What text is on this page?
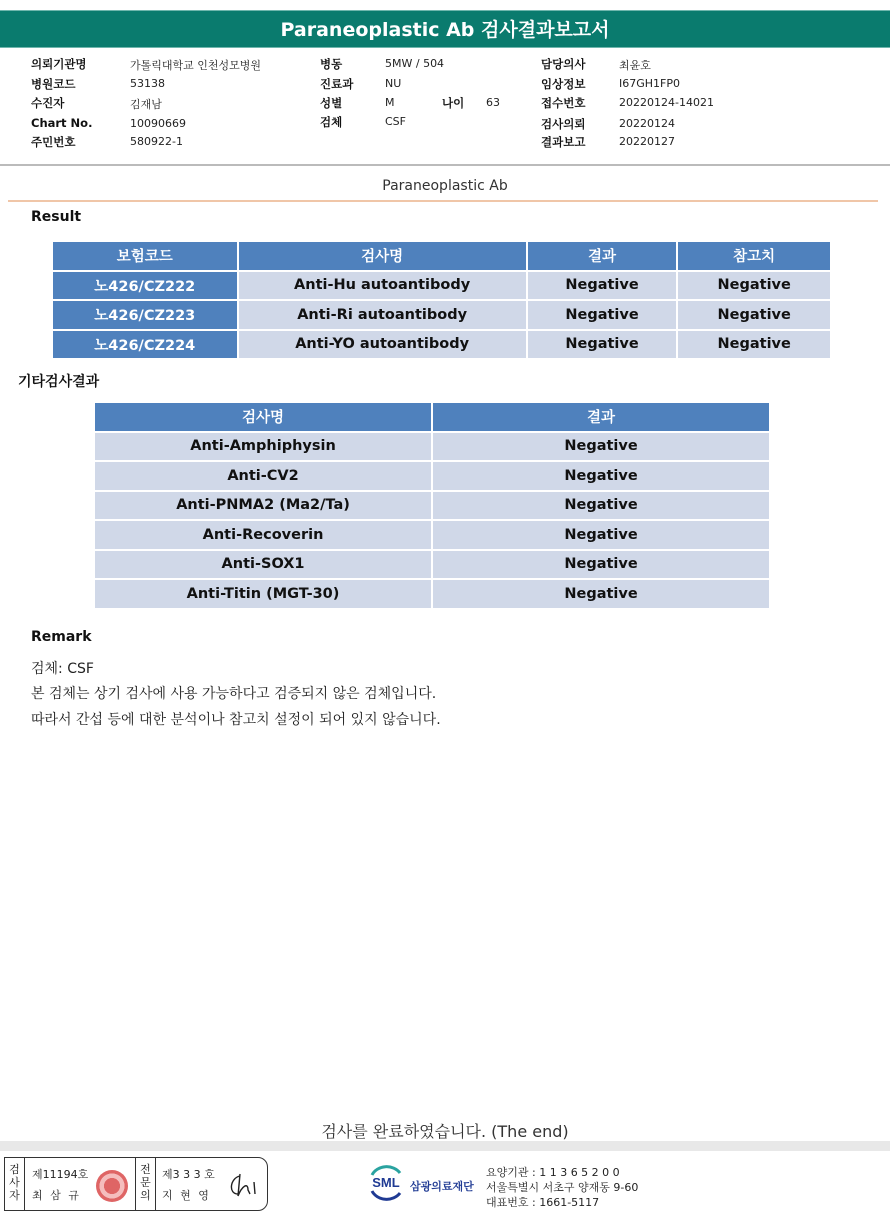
Paraneoplastic Ab 검사결과보고서
의뢰기관명	가톨릭대학교 인천성모병원
병원코드	53138
수진자	김재남
Chart No.	10090669
주민번호	580922-1
병동	5MW / 504
진료과	NU
성별	M	나이 63
검체	CSF
담당의사	최윤호
임상정보	I67GH1FP0
접수번호	20220124-14021
검사의뢰	20220124
결과보고	20220127
Paraneoplastic Ab
Result
보험코드	검사명	결과	참고치
노426/CZ222	Anti-Hu autoantibody	Negative	Negative
노426/CZ223	Anti-Ri autoantibody	Negative	Negative
노426/CZ224	Anti-YO autoantibody	Negative	Negative
기타검사결과
검사명	결과
Anti-Amphiphysin	Negative
Anti-CV2	Negative
Anti-PNMA2 (Ma2/Ta)	Negative
Anti-Recoverin	Negative
Anti-SOX1	Negative
Anti-Titin (MGT-30)	Negative
Remark
검체: CSF
본 검체는 상기 검사에 사용 가능하다고 검증되지 않은 검체입니다.
따라서 간섭 등에 대한 분석이나 참고치 설정이 되어 있지 않습니다.
검사를 완료하였습니다. (The end)
검사자
전문의
제11194호
최 삼 규
제3 3 3 호
지 현 영
SML 삼광의료재단
요양기관 : 1 1 3 6 5 2 0 0
서울특별시 서초구 양재동 9-60
대표번호 : 1661-5117
